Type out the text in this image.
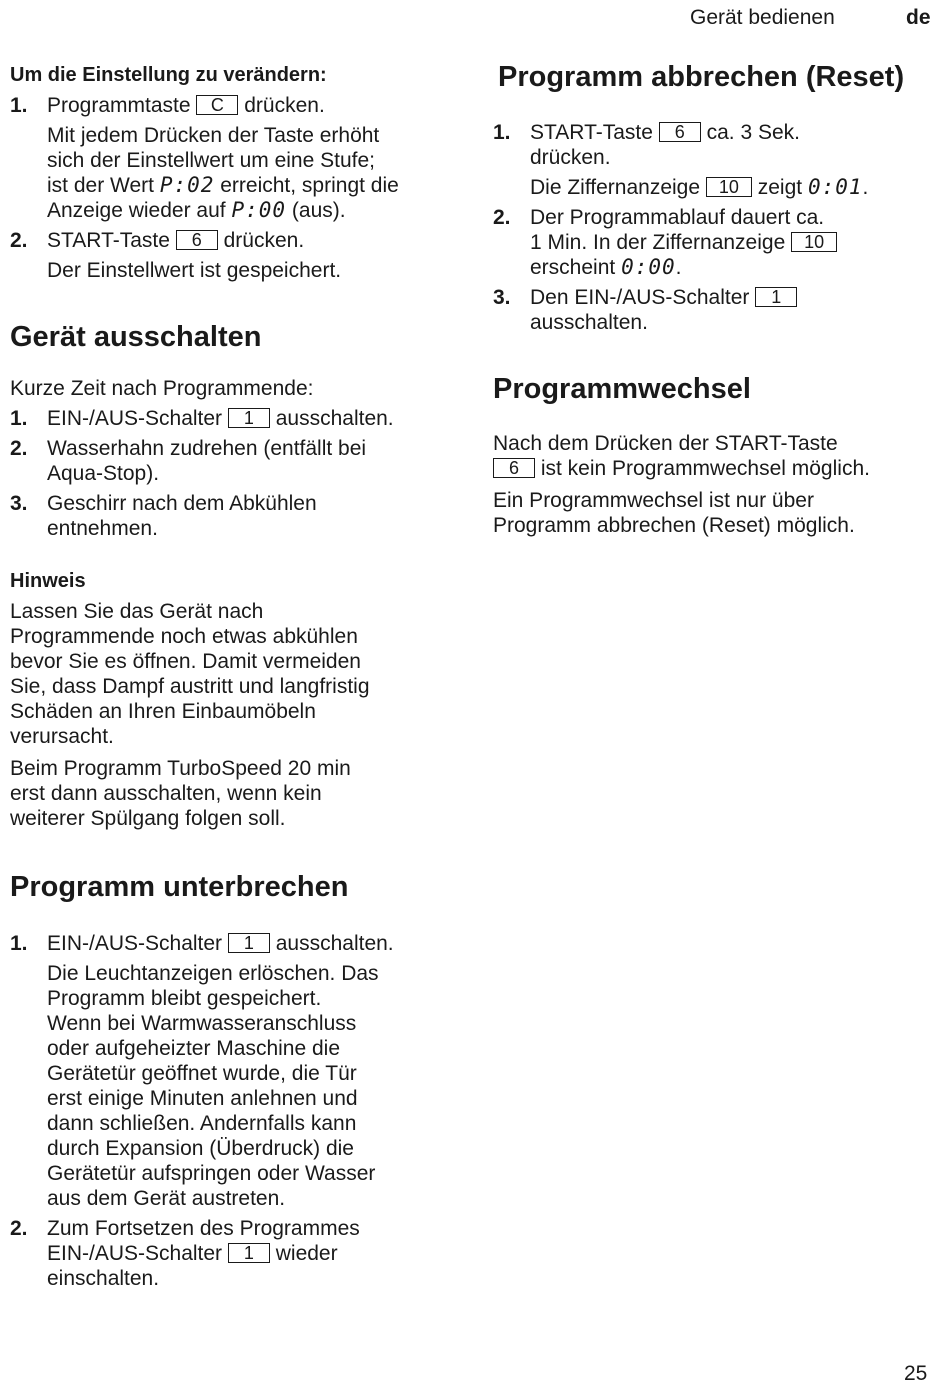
Gerät bedienen	de
Um die Einstellung zu verändern:
1. Programmtaste C drücken.
Mit jedem Drücken der Taste erhöht
sich der Einstellwert um eine Stufe;
ist der Wert P:02 erreicht, springt die
Anzeige wieder auf P:00 (aus).
2. START-Taste 6 drücken.
Der Einstellwert ist gespeichert.
Gerät ausschalten
Kurze Zeit nach Programmende:
1. EIN-/AUS-Schalter 1 ausschalten.
2. Wasserhahn zudrehen (entfällt bei
Aqua-Stop).
3. Geschirr nach dem Abkühlen
entnehmen.
Hinweis
Lassen Sie das Gerät nach
Programmende noch etwas abkühlen
bevor Sie es öffnen. Damit vermeiden
Sie, dass Dampf austritt und langfristig
Schäden an Ihren Einbaumöbeln
verursacht.
Beim Programm TurboSpeed 20 min
erst dann ausschalten, wenn kein
weiterer Spülgang folgen soll.
Programm unterbrechen
1. EIN-/AUS-Schalter 1 ausschalten.
Die Leuchtanzeigen erlöschen. Das
Programm bleibt gespeichert.
Wenn bei Warmwasseranschluss
oder aufgeheizter Maschine die
Gerätetür geöffnet wurde, die Tür
erst einige Minuten anlehnen und
dann schließen. Andernfalls kann
durch Expansion (Überdruck) die
Gerätetür aufspringen oder Wasser
aus dem Gerät austreten.
2. Zum Fortsetzen des Programmes
EIN-/AUS-Schalter 1 wieder
einschalten.
Programm abbrechen (Reset)
1. START-Taste 6 ca. 3 Sek.
drücken.
Die Ziffernanzeige 10 zeigt 0:01.
2. Der Programmablauf dauert ca.
1 Min. In der Ziffernanzeige 10
erscheint 0:00.
3. Den EIN-/AUS-Schalter 1
ausschalten.
Programmwechsel
Nach dem Drücken der START-Taste
6 ist kein Programmwechsel möglich.
Ein Programmwechsel ist nur über
Programm abbrechen (Reset) möglich.
25
